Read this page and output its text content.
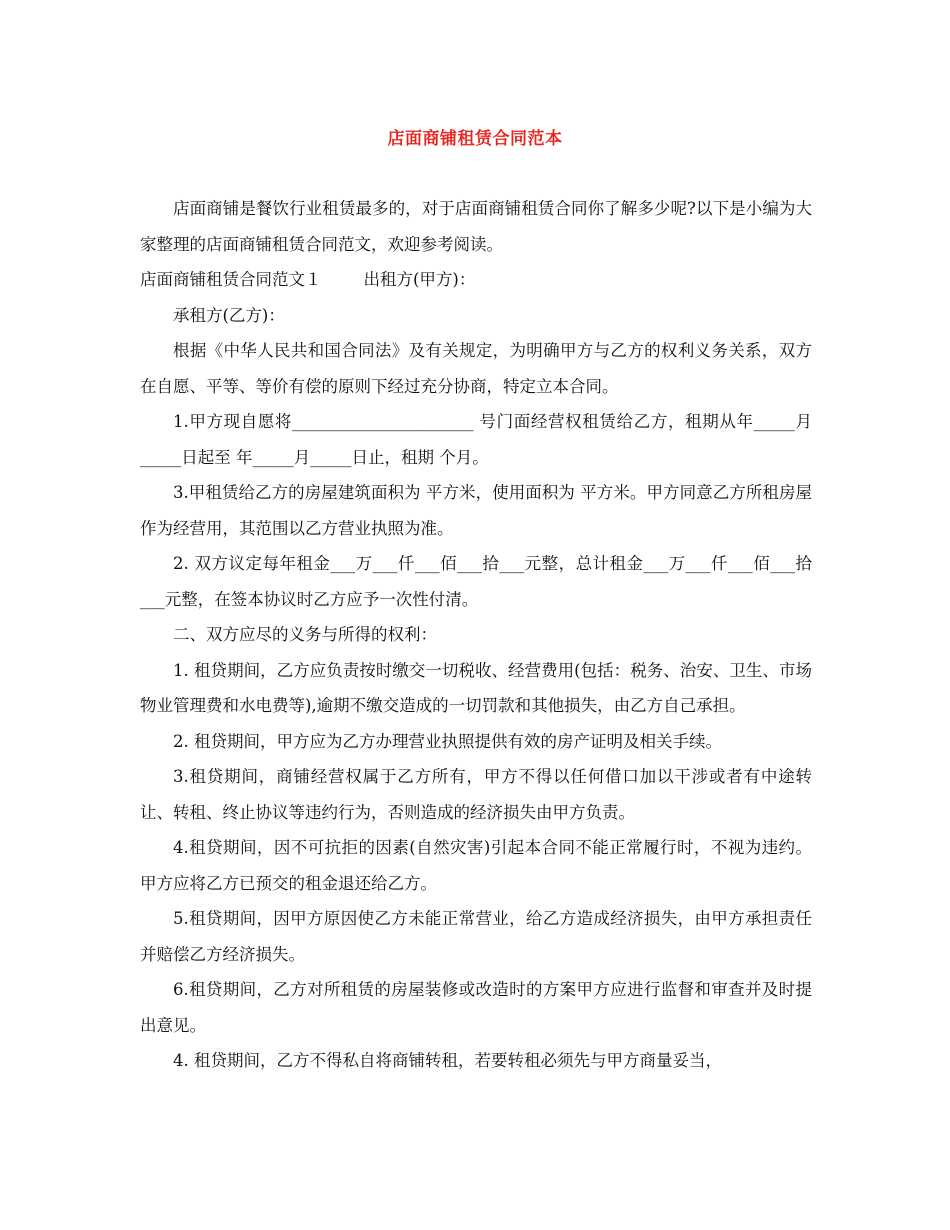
店面商铺租赁合同范本

店面商铺是餐饮行业租赁最多的，对于店面商铺租赁合同你了解多少呢?以下是小编为大家整理的店面商铺租赁合同范文，欢迎参考阅读。

店面商铺租赁合同范文１        出租方(甲方)：

承租方(乙方)：

根据《中华人民共和国合同法》及有关规定，为明确甲方与乙方的权利义务关系，双方在自愿、平等、等价有偿的原则下经过充分协商，特定立本合同。

1.甲方现自愿将______________________ 号门面经营权租赁给乙方，租期从年_____月_____日起至 年_____月_____日止，租期 个月。

3.甲租赁给乙方的房屋建筑面积为 平方米，使用面积为 平方米。甲方同意乙方所租房屋作为经营用，其范围以乙方营业执照为准。

2. 双方议定每年租金___万___仟___佰___拾___元整，总计租金___万___仟___佰___拾___元整，在签本协议时乙方应予一次性付清。

二、双方应尽的义务与所得的权利：

1. 租贷期间，乙方应负责按时缴交一切税收、经营费用(包括：税务、治安、卫生、市场物业管理费和水电费等),逾期不缴交造成的一切罚款和其他损失，由乙方自己承担。

2. 租贷期间，甲方应为乙方办理营业执照提供有效的房产证明及相关手续。

3.租贷期间，商铺经营权属于乙方所有，甲方不得以任何借口加以干涉或者有中途转让、转租、终止协议等违约行为，否则造成的经济损失由甲方负责。

4.租贷期间，因不可抗拒的因素(自然灾害)引起本合同不能正常履行时，不视为违约。甲方应将乙方已预交的租金退还给乙方。

5.租贷期间，因甲方原因使乙方未能正常营业，给乙方造成经济损失，由甲方承担责任并赔偿乙方经济损失。

6.租贷期间，乙方对所租赁的房屋装修或改造时的方案甲方应进行监督和审查并及时提出意见。

4. 租贷期间，乙方不得私自将商铺转租，若要转租必须先与甲方商量妥当，
